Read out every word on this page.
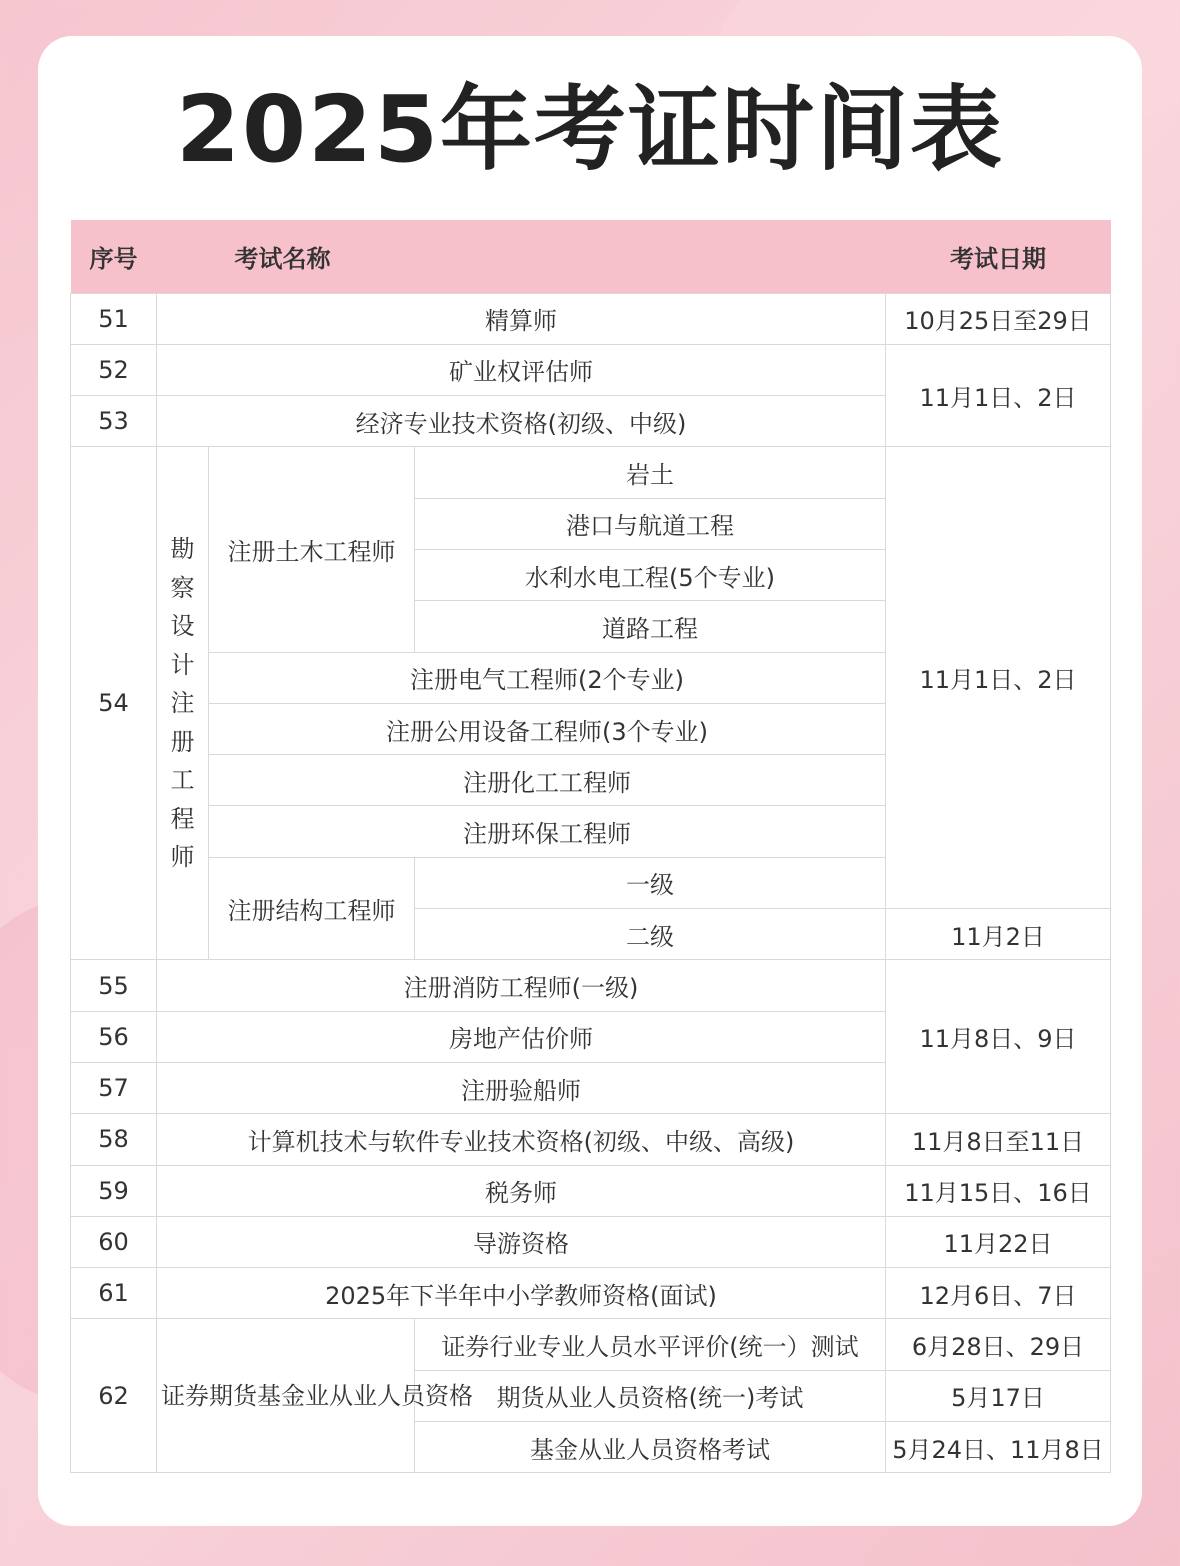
2025年考证时间表
序号	考试名称			考试日期
51	精算师			10月25日至29日
52	矿业权评估师			11月1日、2日
53	经济专业技术资格(初级、中级)			
54	勘察设计注册工程师	注册土木工程师	岩土	11月1日、2日
			港口与航道工程	
			水利水电工程(5个专业)	
			道路工程	
		注册电气工程师(2个专业)		
		注册公用设备工程师(3个专业)		
		注册化工工程师		
		注册环保工程师		
		注册结构工程师	一级	
			二级	11月2日
55	注册消防工程师(一级)			11月8日、9日
56	房地产估价师			
57	注册验船师			
58	计算机技术与软件专业技术资格(初级、中级、高级)			11月8日至11日
59	税务师			11月15日、16日
60	导游资格			11月22日
61	2025年下半年中小学教师资格(面试)			12月6日、7日
62	证券期货基金业从业人员资格		证券行业专业人员水平评价(统一）测试	6月28日、29日
			期货从业人员资格(统一)考试	5月17日
			基金从业人员资格考试	5月24日、11月8日
